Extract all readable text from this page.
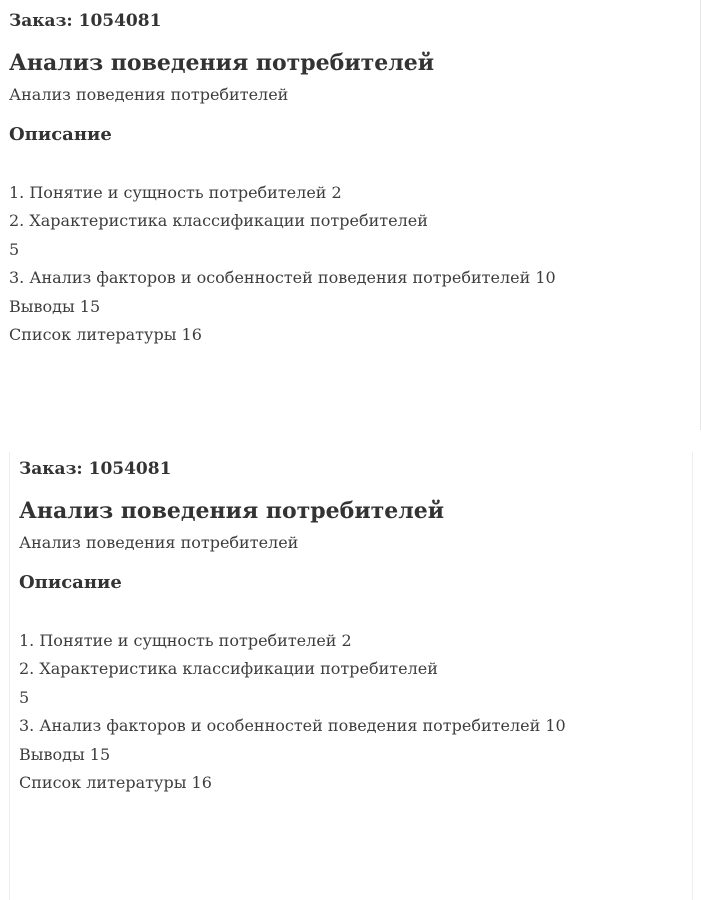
Заказ: 1054081

Анализ поведения потребителей

Анализ поведения потребителей

Описание
1. Понятие и сущность потребителей 2
2. Характеристика классификации потребителей
5
3. Анализ факторов и особенностей поведения потребителей 10
Выводы 15
Список литературы 16

Заказ: 1054081

Анализ поведения потребителей

Анализ поведения потребителей

Описание
1. Понятие и сущность потребителей 2
2. Характеристика классификации потребителей
5
3. Анализ факторов и особенностей поведения потребителей 10
Выводы 15
Список литературы 16
